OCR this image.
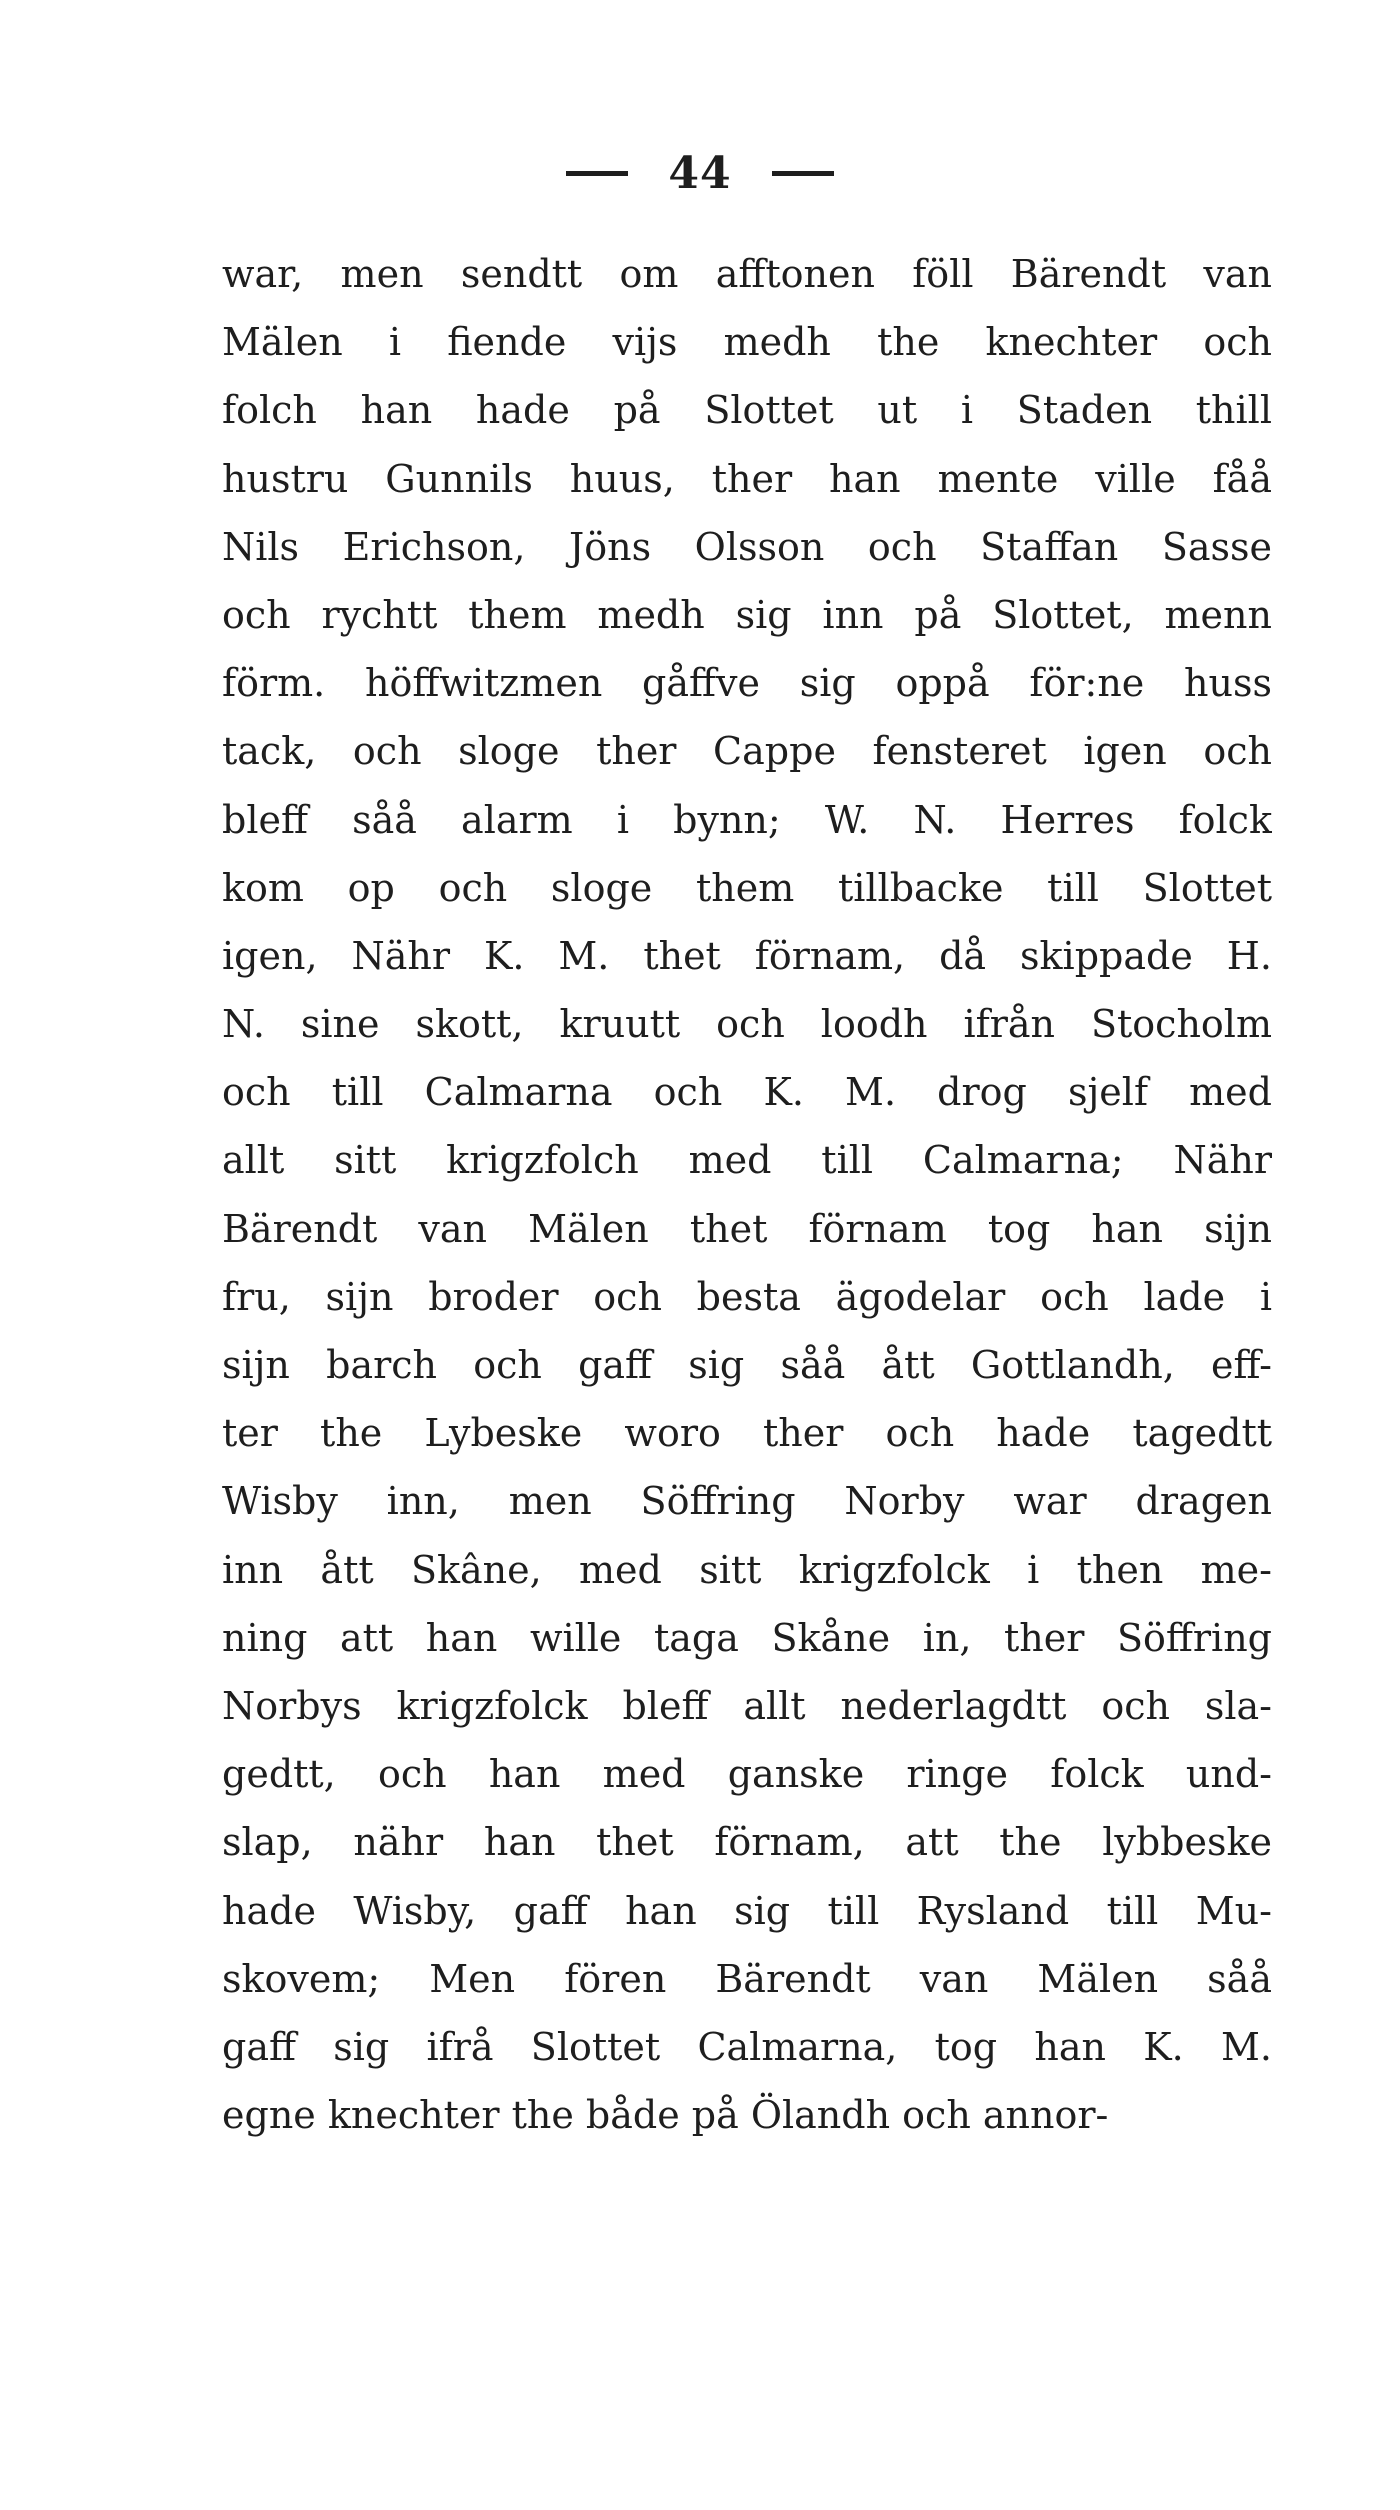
44
war, men sendtt om afftonen föll Bärendt van
Mälen i fiende vijs medh the knechter och
folch han hade på Slottet ut i Staden thill
hustru Gunnils huus, ther han mente ville fåå
Nils Erichson, Jöns Olsson och Staffan Sasse
och rychtt them medh sig inn på Slottet, menn
förm. höffwitzmen gåffve sig oppå för:ne huss
tack, och sloge ther Cappe fensteret igen och
bleff såå alarm i bynn; W. N. Herres folck
kom op och sloge them tillbacke till Slottet
igen, Nähr K. M. thet förnam, då skippade H.
N. sine skott, kruutt och loodh ifrån Stocholm
och till Calmarna och K. M. drog sjelf med
allt sitt krigzfolch med till Calmarna; Nähr
Bärendt van Mälen thet förnam tog han sijn
fru, sijn broder och besta ägodelar och lade i
sijn barch och gaff sig såå ått Gottlandh, eff-
ter the Lybeske woro ther och hade tagedtt
Wisby inn, men Söffring Norby war dragen
inn ått Skâne, med sitt krigzfolck i then me-
ning att han wille taga Skåne in, ther Söffring
Norbys krigzfolck bleff allt nederlagdtt och sla-
gedtt, och han med ganske ringe folck und-
slap, nähr han thet förnam, att the lybbeske
hade Wisby, gaff han sig till Rysland till Mu-
skovem; Men fören Bärendt van Mälen såå
gaff sig ifrå Slottet Calmarna, tog han K. M.
egne knechter the både på Ölandh och annor-
